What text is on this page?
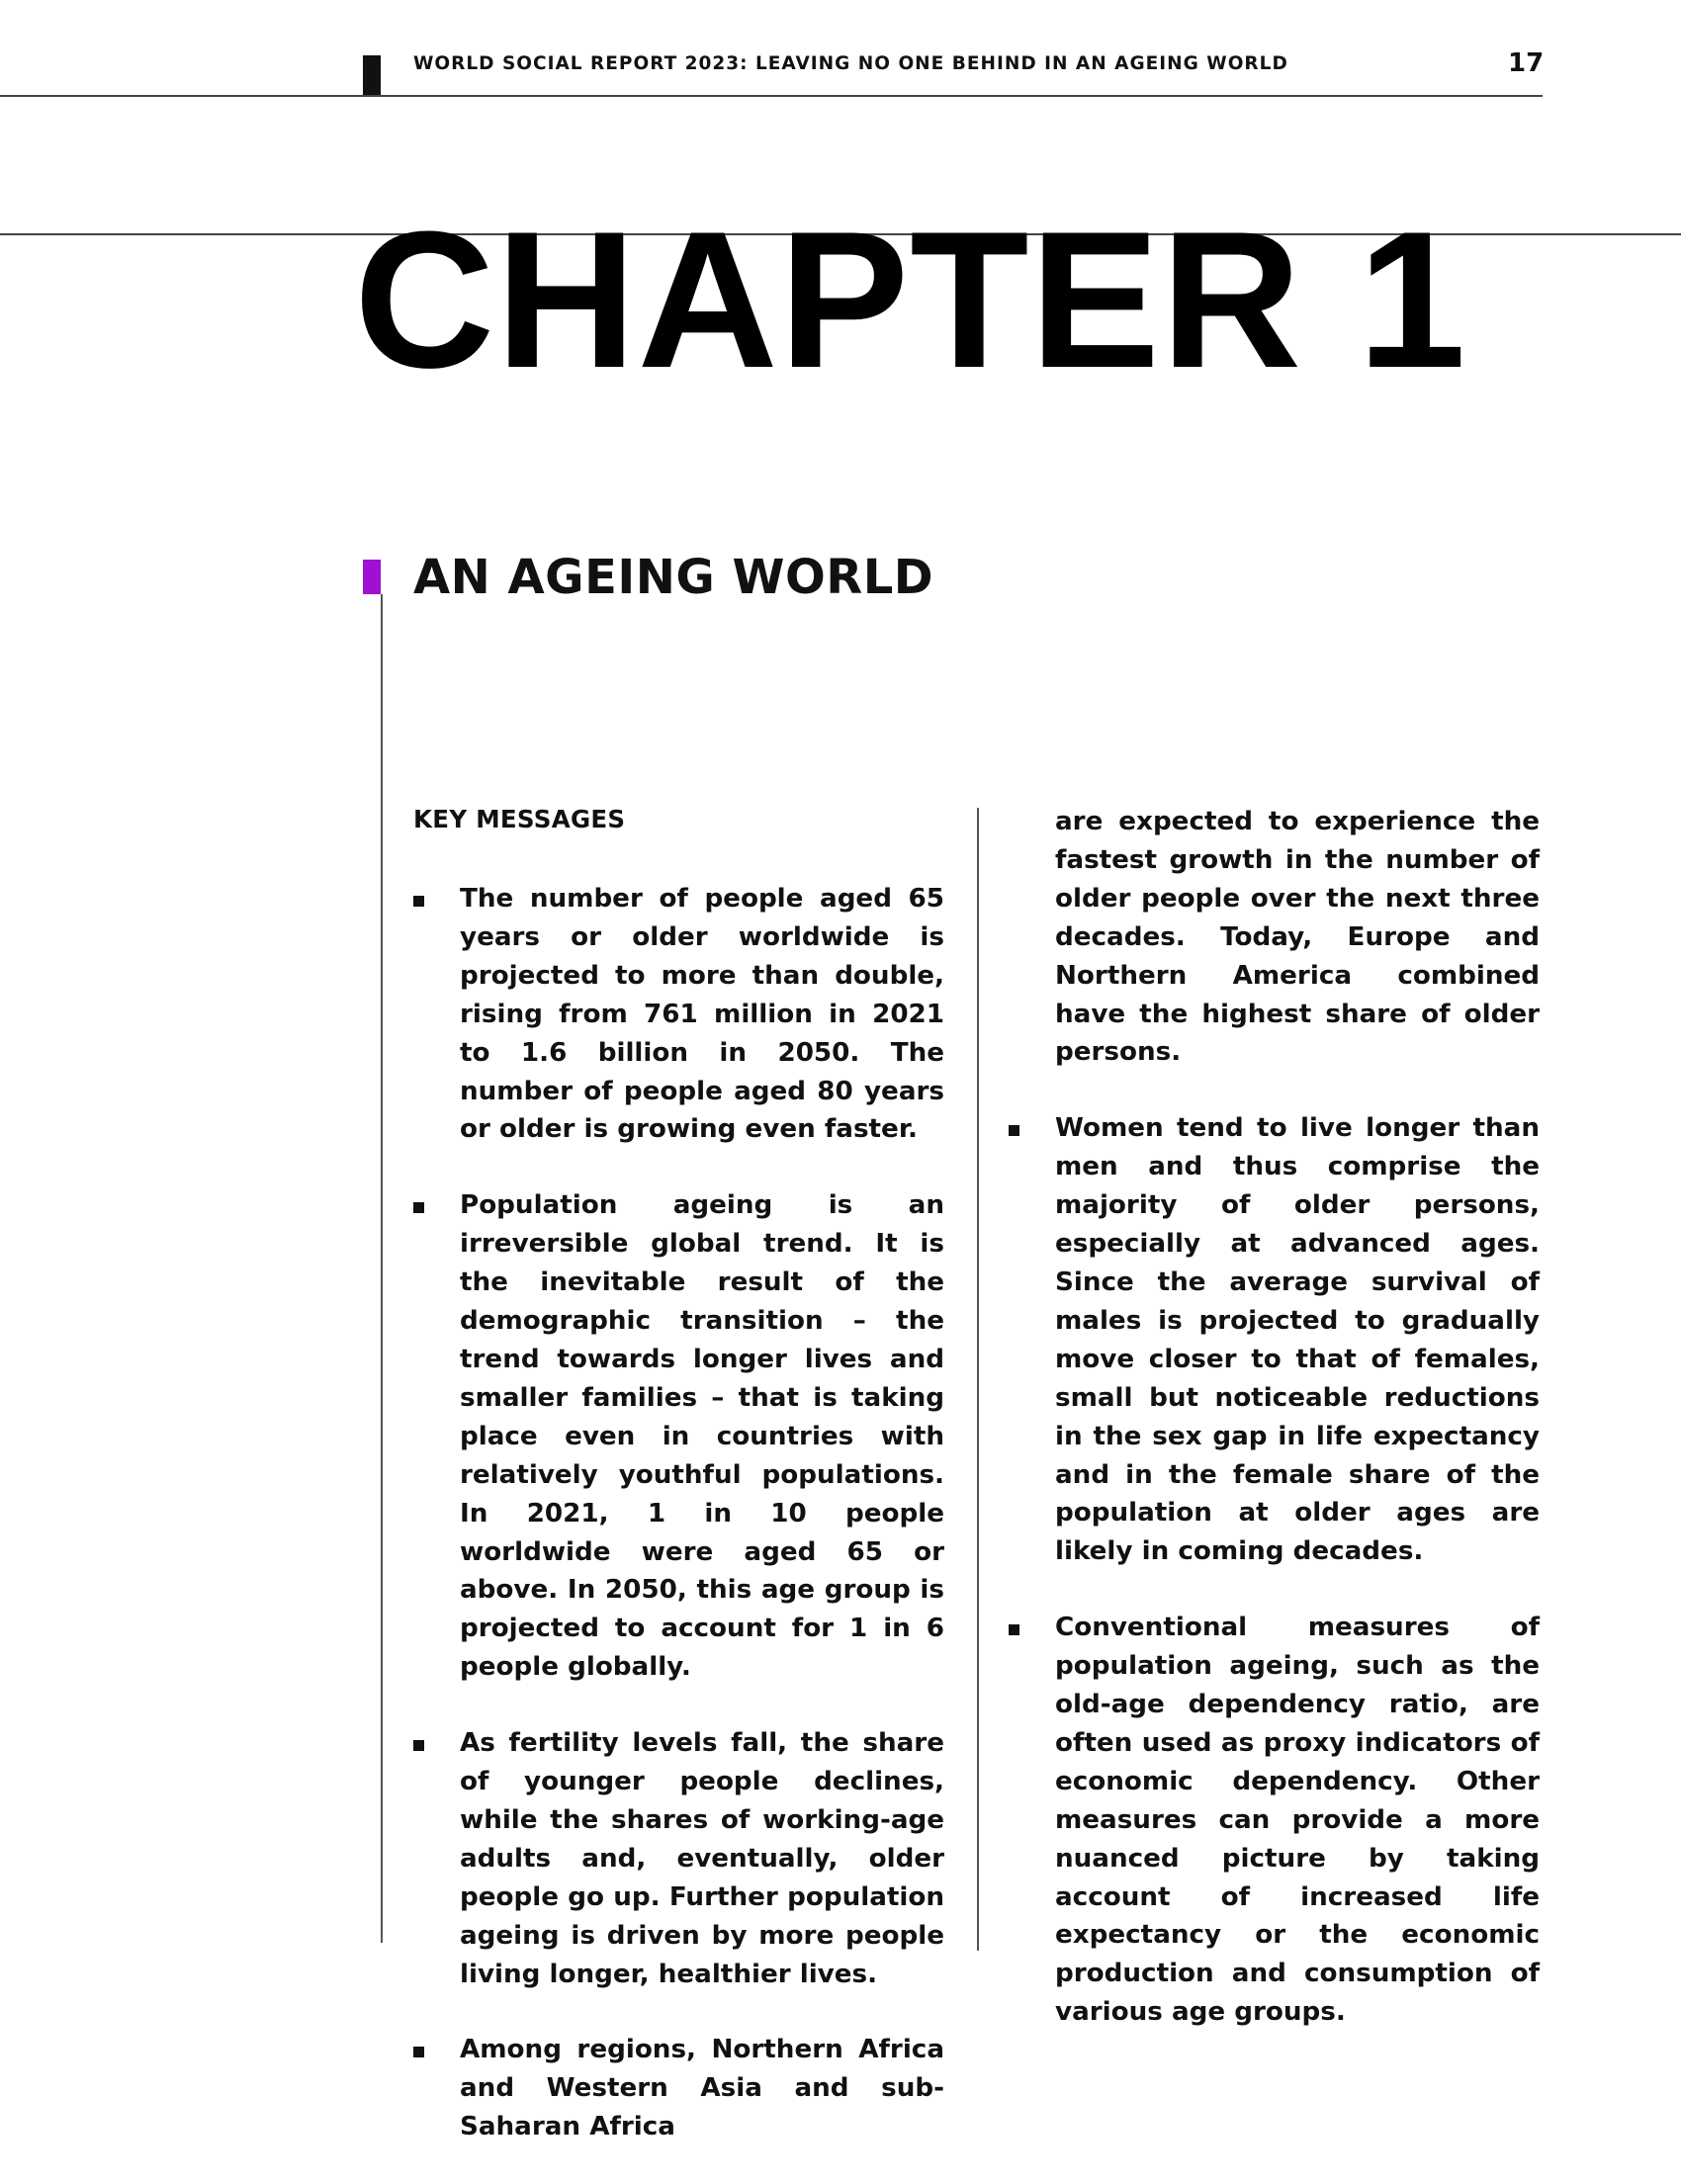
WORLD SOCIAL REPORT 2023: LEAVING NO ONE BEHIND IN AN AGEING WORLD	17
CHAPTER 1
AN AGEING WORLD
KEY MESSAGES
The number of people aged 65 years or older worldwide is projected to more than double, rising from 761 million in 2021 to 1.6 billion in 2050. The number of people aged 80 years or older is growing even faster.
Population ageing is an irreversible global trend. It is the inevitable result of the demographic transition – the trend towards longer lives and smaller families – that is taking place even in countries with relatively youthful populations. In 2021, 1 in 10 people worldwide were aged 65 or above. In 2050, this age group is projected to account for 1 in 6 people globally.
As fertility levels fall, the share of younger people declines, while the shares of working-age adults and, eventually, older people go up. Further population ageing is driven by more people living longer, healthier lives.
Among regions, Northern Africa and Western Asia and sub-Saharan Africa
are expected to experience the fastest growth in the number of older people over the next three decades. Today, Europe and Northern America combined have the highest share of older persons.
Women tend to live longer than men and thus comprise the majority of older persons, especially at advanced ages. Since the average survival of males is projected to gradually move closer to that of females, small but noticeable reductions in the sex gap in life expectancy and in the female share of the population at older ages are likely in coming decades.
Conventional measures of population ageing, such as the old-age dependency ratio, are often used as proxy indicators of economic dependency. Other measures can provide a more nuanced picture by taking account of increased life expectancy or the economic production and consumption of various age groups.
